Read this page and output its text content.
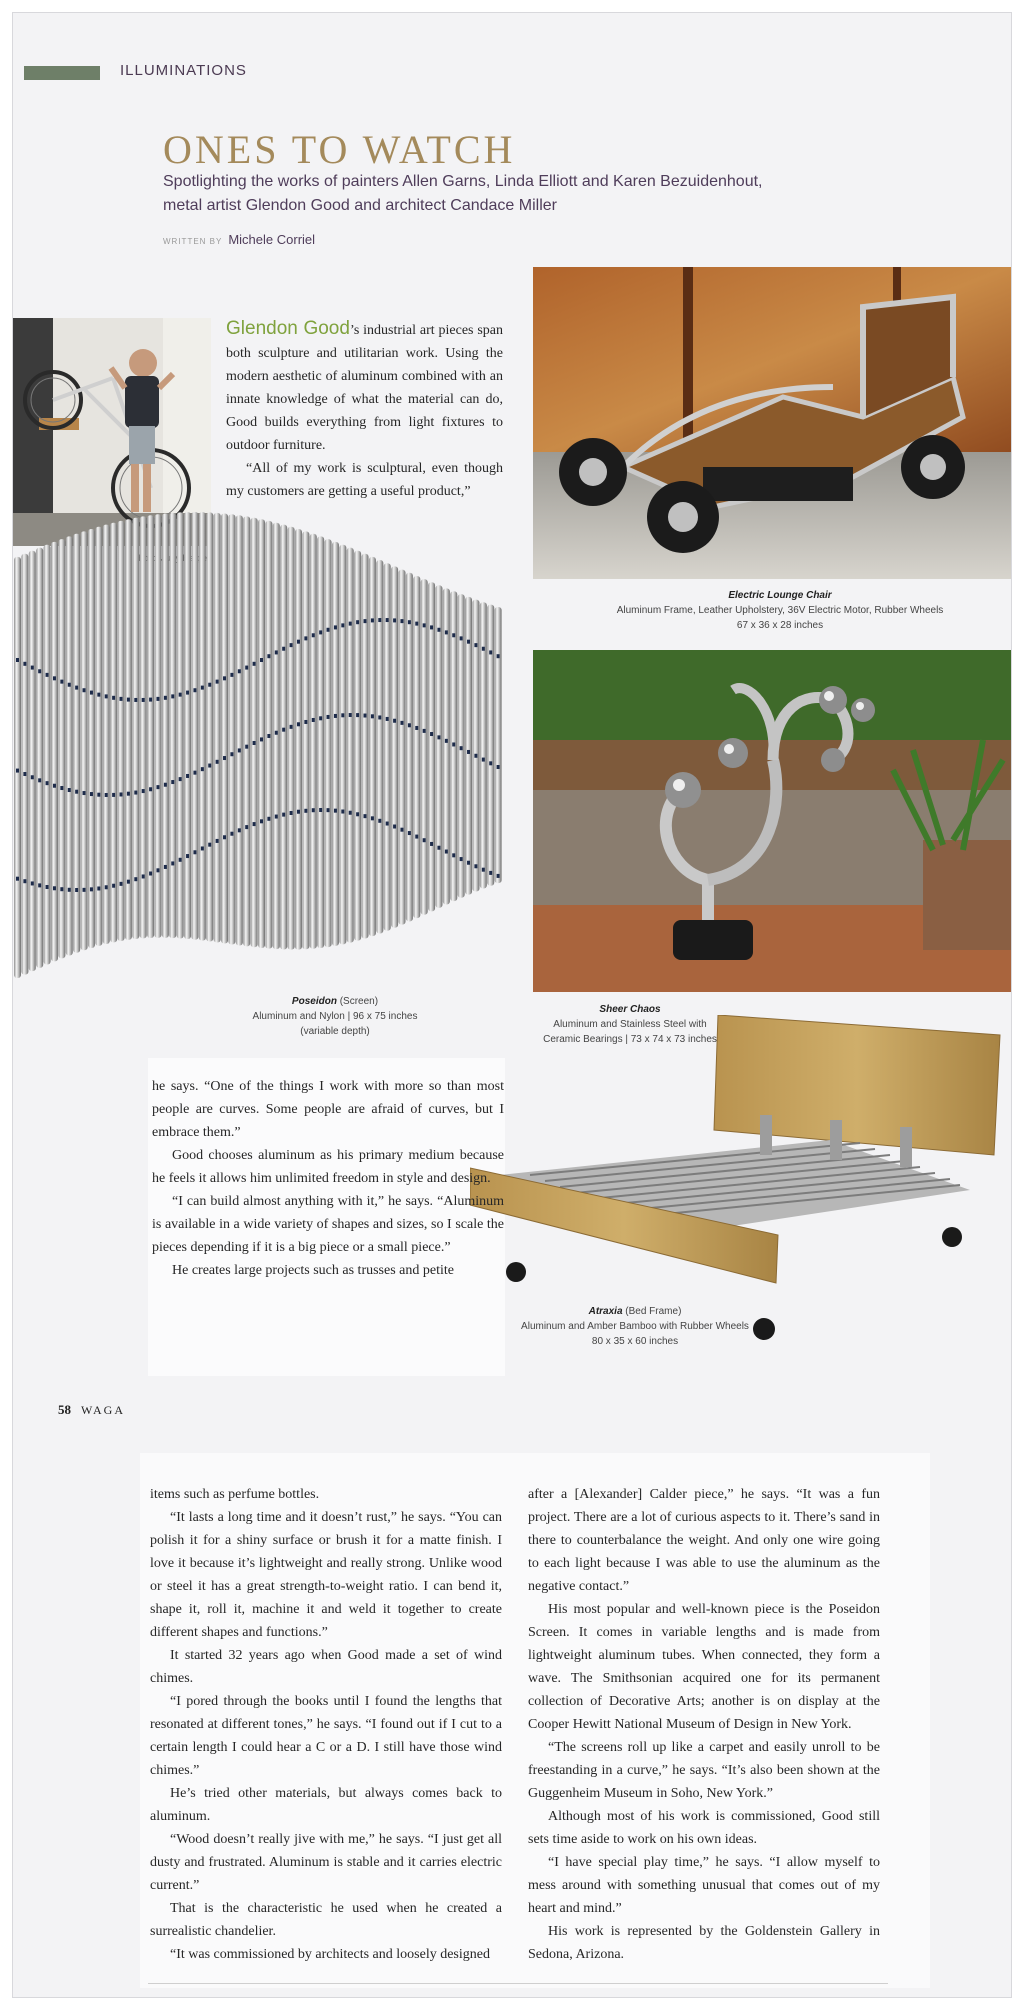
ILLUMINATIONS
ONES TO WATCH
Spotlighting the works of painters Allen Garns, Linda Elliott and Karen Bezuidenhout,
metal artist Glendon Good and architect Candace Miller
WRITTEN BY Michele Corriel

Glendon Good’s industrial art pieces span both sculpture and utilitarian work. Using the modern aesthetic of aluminum combined with an innate knowledge of what the material can do, Good builds everything from light fixtures to outdoor furniture.

“All of my work is sculptural, even though my customers are getting a useful product,”

Poseidon (Screen)
Aluminum and Nylon | 96 x 75 inches
(variable depth)
Electric Lounge Chair
Aluminum Frame, Leather Upholstery, 36V Electric Motor, Rubber Wheels
67 x 36 x 28 inches
Sheer Chaos
Aluminum and Stainless Steel with
Ceramic Bearings | 73 x 74 x 73 inches
Atraxia (Bed Frame)
Aluminum and Amber Bamboo with Rubber Wheels
80 x 35 x 60 inches

he says. “One of the things I work with more so than most people are curves. Some people are afraid of curves, but I embrace them.”

Good chooses aluminum as his primary medium because he feels it allows him unlimited freedom in style and design.

“I can build almost anything with it,” he says. “Aluminum is available in a wide variety of shapes and sizes, so I scale the pieces depending if it is a big piece or a small piece.”

He creates large projects such as trusses and petite

58 WAGA

items such as perfume bottles.

“It lasts a long time and it doesn’t rust,” he says. “You can polish it for a shiny surface or brush it for a matte finish. I love it because it’s lightweight and really strong. Unlike wood or steel it has a great strength-to-weight ratio. I can bend it, shape it, roll it, machine it and weld it together to create different shapes and functions.”

It started 32 years ago when Good made a set of wind chimes.

“I pored through the books until I found the lengths that resonated at different tones,” he says. “I found out if I cut to a certain length I could hear a C or a D. I still have those wind chimes.”

He’s tried other materials, but always comes back to aluminum.

“Wood doesn’t really jive with me,” he says. “I just get all dusty and frustrated. Aluminum is stable and it carries electric current.”

That is the characteristic he used when he created a surrealistic chandelier.

“It was commissioned by architects and loosely designed

after a [Alexander] Calder piece,” he says. “It was a fun project. There are a lot of curious aspects to it. There’s sand in there to counterbalance the weight. And only one wire going to each light because I was able to use the aluminum as the negative contact.”

His most popular and well-known piece is the Poseidon Screen. It comes in variable lengths and is made from lightweight aluminum tubes. When connected, they form a wave. The Smithsonian acquired one for its permanent collection of Decorative Arts; another is on display at the Cooper Hewitt National Museum of Design in New York.

“The screens roll up like a carpet and easily unroll to be freestanding in a curve,” he says. “It’s also been shown at the Guggenheim Museum in Soho, New York.”

Although most of his work is commissioned, Good still sets time aside to work on his own ideas.

“I have special play time,” he says. “I allow myself to mess around with something unusual that comes out of my heart and mind.”

His work is represented by the Goldenstein Gallery in Sedona, Arizona.
